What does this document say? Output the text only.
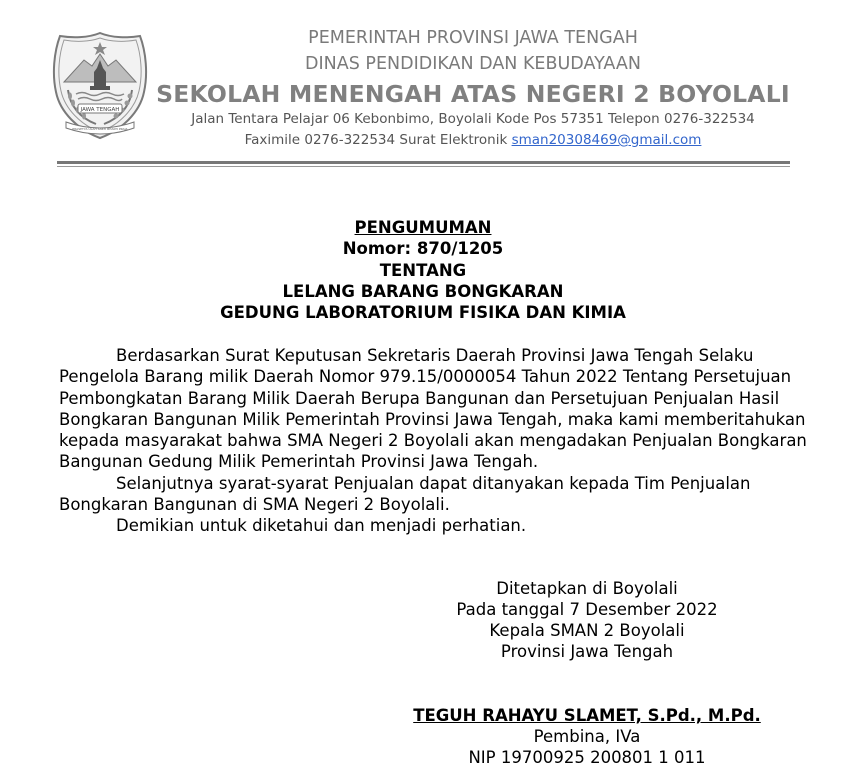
JAWA TENGAH
PRASETYA ULAH SAKTI BHAKTI PRAJA
PEMERINTAH PROVINSI JAWA TENGAH
DINAS PENDIDIKAN DAN KEBUDAYAAN
SEKOLAH MENENGAH ATAS NEGERI 2 BOYOLALI
Jalan Tentara Pelajar 06 Kebonbimo, Boyolali Kode Pos 57351 Telepon 0276-322534
Faximile 0276-322534 Surat Elektronik sman20308469@gmail.com
PENGUMUMAN
Nomor: 870/1205
TENTANG
LELANG BARANG BONGKARAN
GEDUNG LABORATORIUM FISIKA DAN KIMIA

Berdasarkan Surat Keputusan Sekretaris Daerah Provinsi Jawa Tengah Selaku
Pengelola Barang milik Daerah Nomor 979.15/0000054 Tahun 2022 Tentang Persetujuan
Pembongkatan Barang Milik Daerah Berupa Bangunan dan Persetujuan Penjualan Hasil
Bongkaran Bangunan Milik Pemerintah Provinsi Jawa Tengah, maka kami memberitahukan
kepada masyarakat bahwa SMA Negeri 2 Boyolali akan mengadakan Penjualan Bongkaran
Bangunan Gedung Milik Pemerintah Provinsi Jawa Tengah.

Selanjutnya syarat-syarat Penjualan dapat ditanyakan kepada Tim Penjualan
Bongkaran Bangunan di SMA Negeri 2 Boyolali.

Demikian untuk diketahui dan menjadi perhatian.

Ditetapkan di Boyolali
Pada tanggal 7 Desember 2022
Kepala SMAN 2 Boyolali
Provinsi Jawa Tengah
TEGUH RAHAYU SLAMET, S.Pd., M.Pd.
Pembina, IVa
NIP 19700925 200801 1 011
